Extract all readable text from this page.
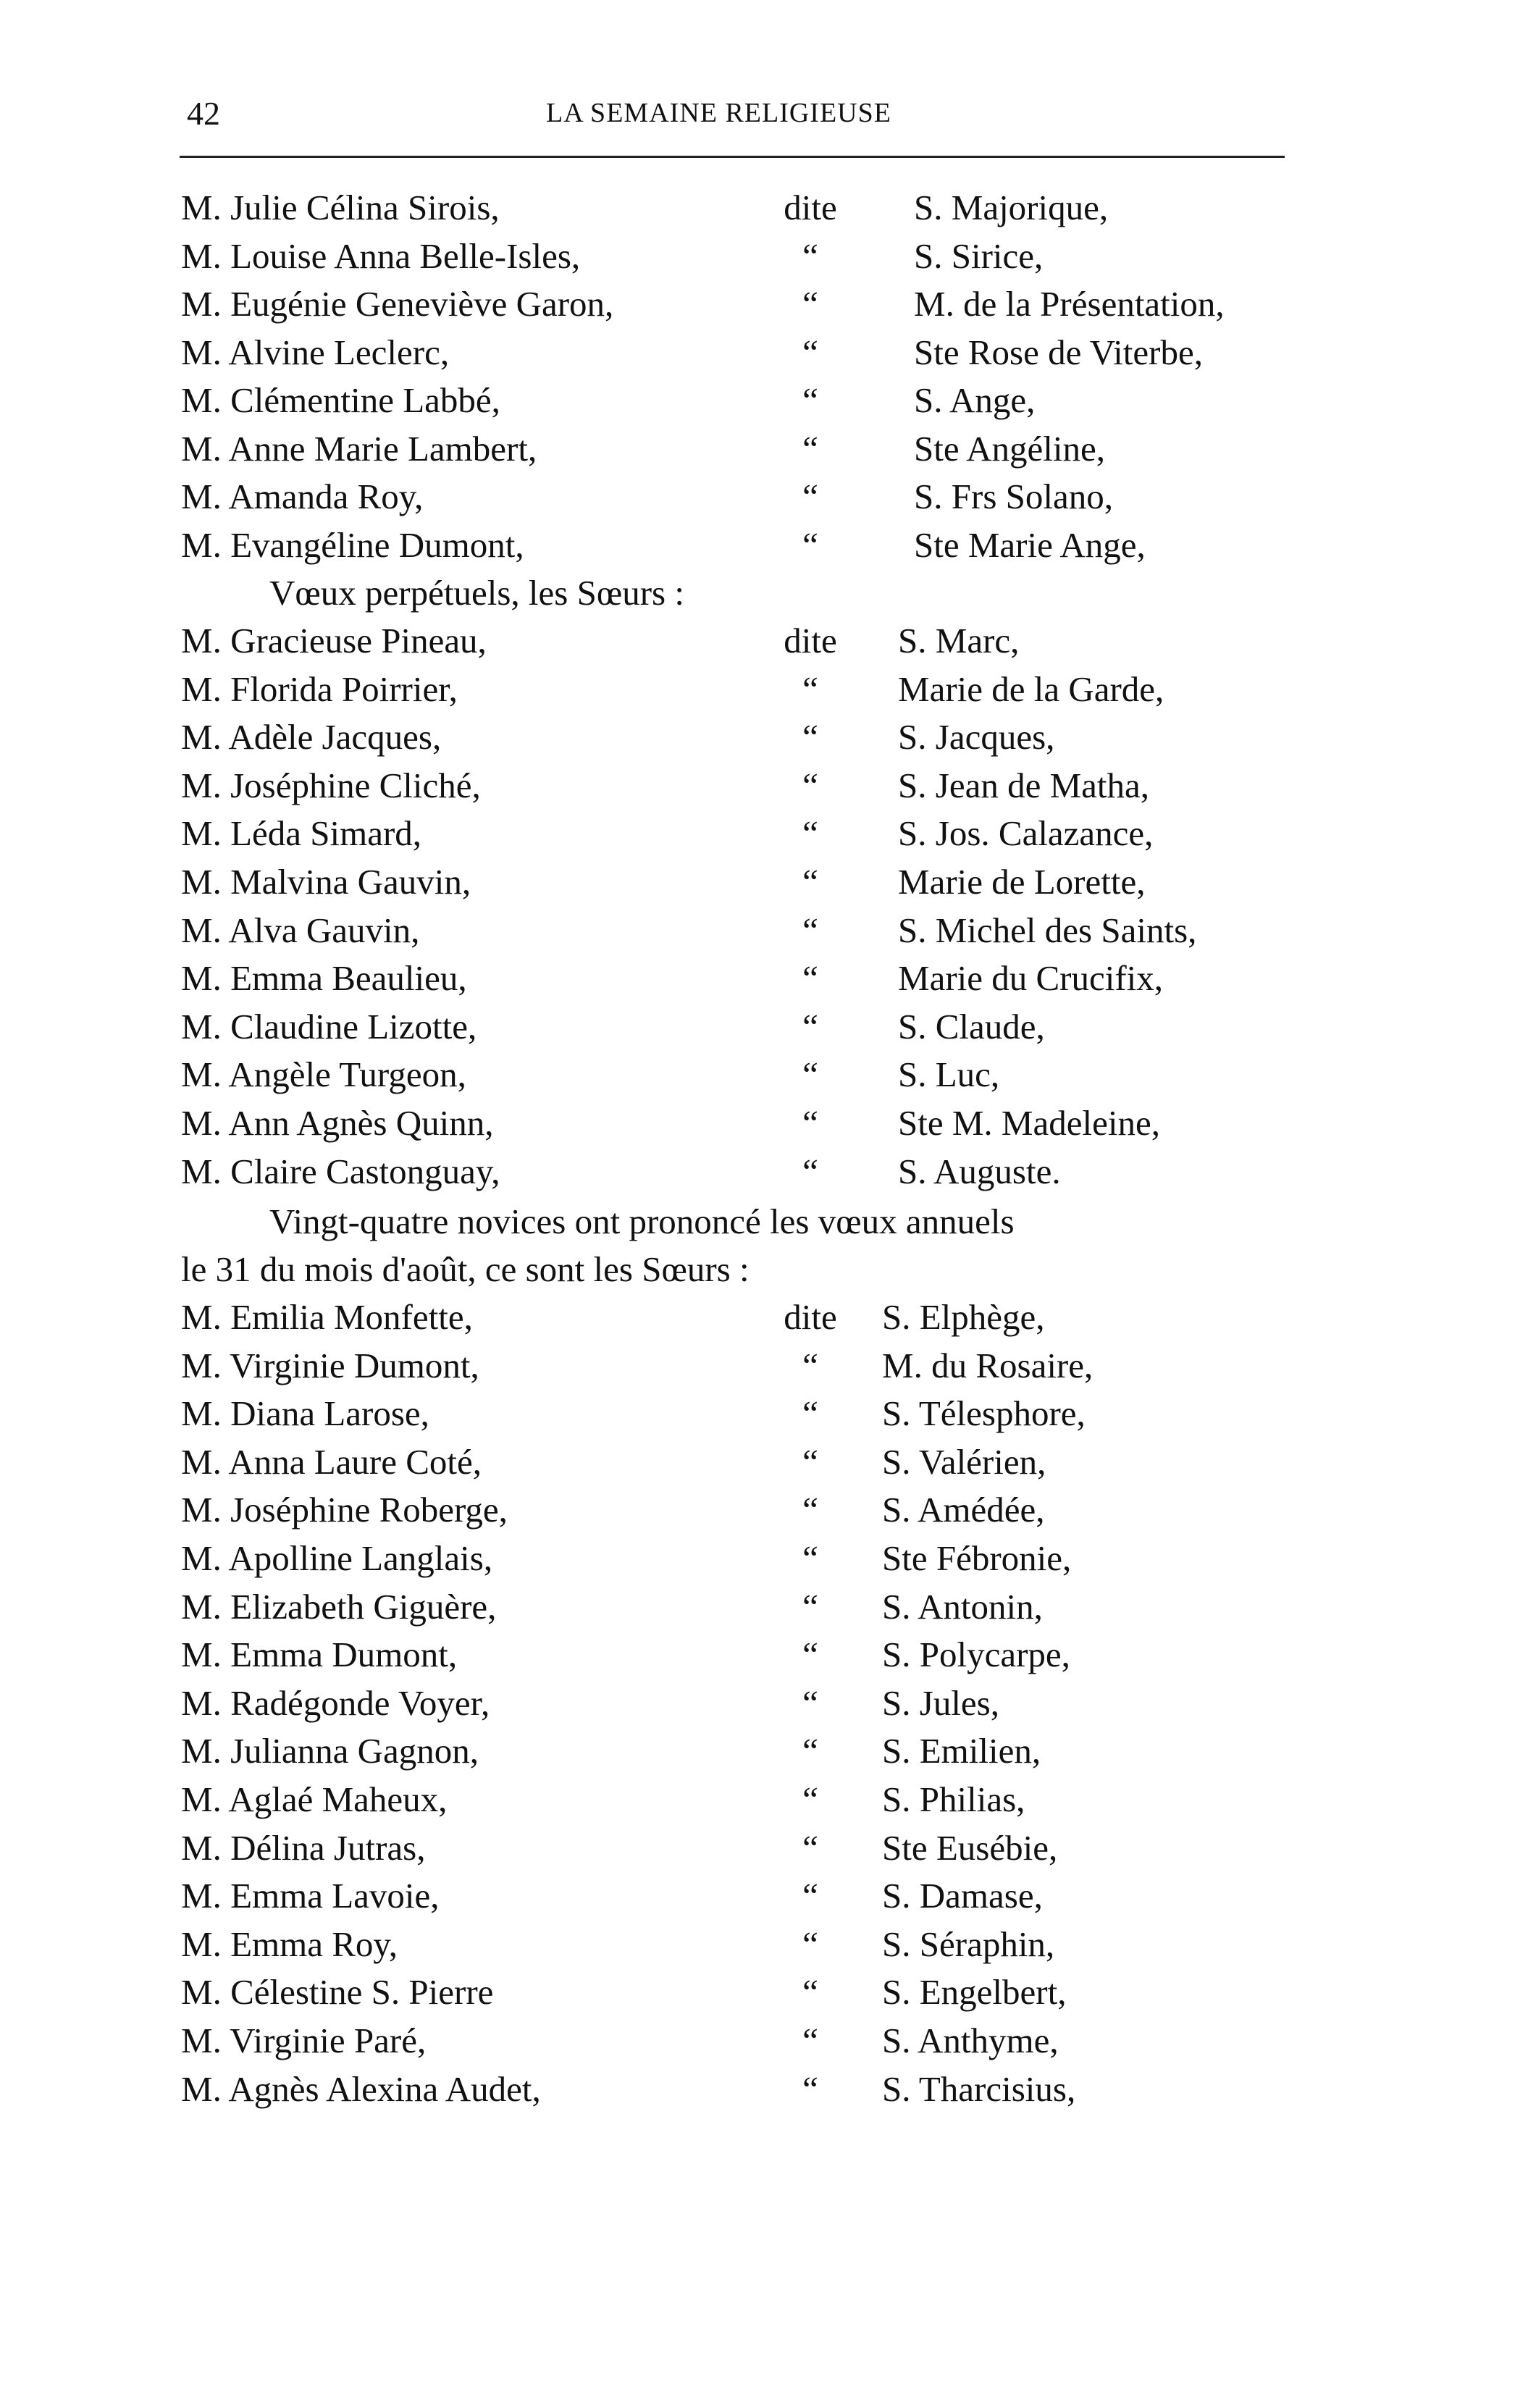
42	LA SEMAINE RELIGIEUSE
M. Julie Célina Sirois,	dite	S. Majorique,
M. Louise Anna Belle-Isles,	“	S. Sirice,
M. Eugénie Geneviève Garon,	“	M. de la Présentation,
M. Alvine Leclerc,	“	Ste Rose de Viterbe,
M. Clémentine Labbé,	“	S. Ange,
M. Anne Marie Lambert,	“	Ste Angéline,
M. Amanda Roy,	“	S. Frs Solano,
M. Evangéline Dumont,	“	Ste Marie Ange,
Vœux perpétuels, les Sœurs :
M. Gracieuse Pineau,	dite	S. Marc,
M. Florida Poirrier,	“	Marie de la Garde,
M. Adèle Jacques,	“	S. Jacques,
M. Joséphine Cliché,	“	S. Jean de Matha,
M. Léda Simard,	“	S. Jos. Calazance,
M. Malvina Gauvin,	“	Marie de Lorette,
M. Alva Gauvin,	“	S. Michel des Saints,
M. Emma Beaulieu,	“	Marie du Crucifix,
M. Claudine Lizotte,	“	S. Claude,
M. Angèle Turgeon,	“	S. Luc,
M. Ann Agnès Quinn,	“	Ste M. Madeleine,
M. Claire Castonguay,	“	S. Auguste.
Vingt-quatre novices ont prononcé les vœux annuels
le 31 du mois d'août, ce sont les Sœurs :
M. Emilia Monfette,	dite	S. Elphège,
M. Virginie Dumont,	“	M. du Rosaire,
M. Diana Larose,	“	S. Télesphore,
M. Anna Laure Coté,	“	S. Valérien,
M. Joséphine Roberge,	“	S. Amédée,
M. Apolline Langlais,	“	Ste Fébronie,
M. Elizabeth Giguère,	“	S. Antonin,
M. Emma Dumont,	“	S. Polycarpe,
M. Radégonde Voyer,	“	S. Jules,
M. Julianna Gagnon,	“	S. Emilien,
M. Aglaé Maheux,	“	S. Philias,
M. Délina Jutras,	“	Ste Eusébie,
M. Emma Lavoie,	“	S. Damase,
M. Emma Roy,	“	S. Séraphin,
M. Célestine S. Pierre	“	S. Engelbert,
M. Virginie Paré,	“	S. Anthyme,
M. Agnès Alexina Audet,	“	S. Tharcisius,
